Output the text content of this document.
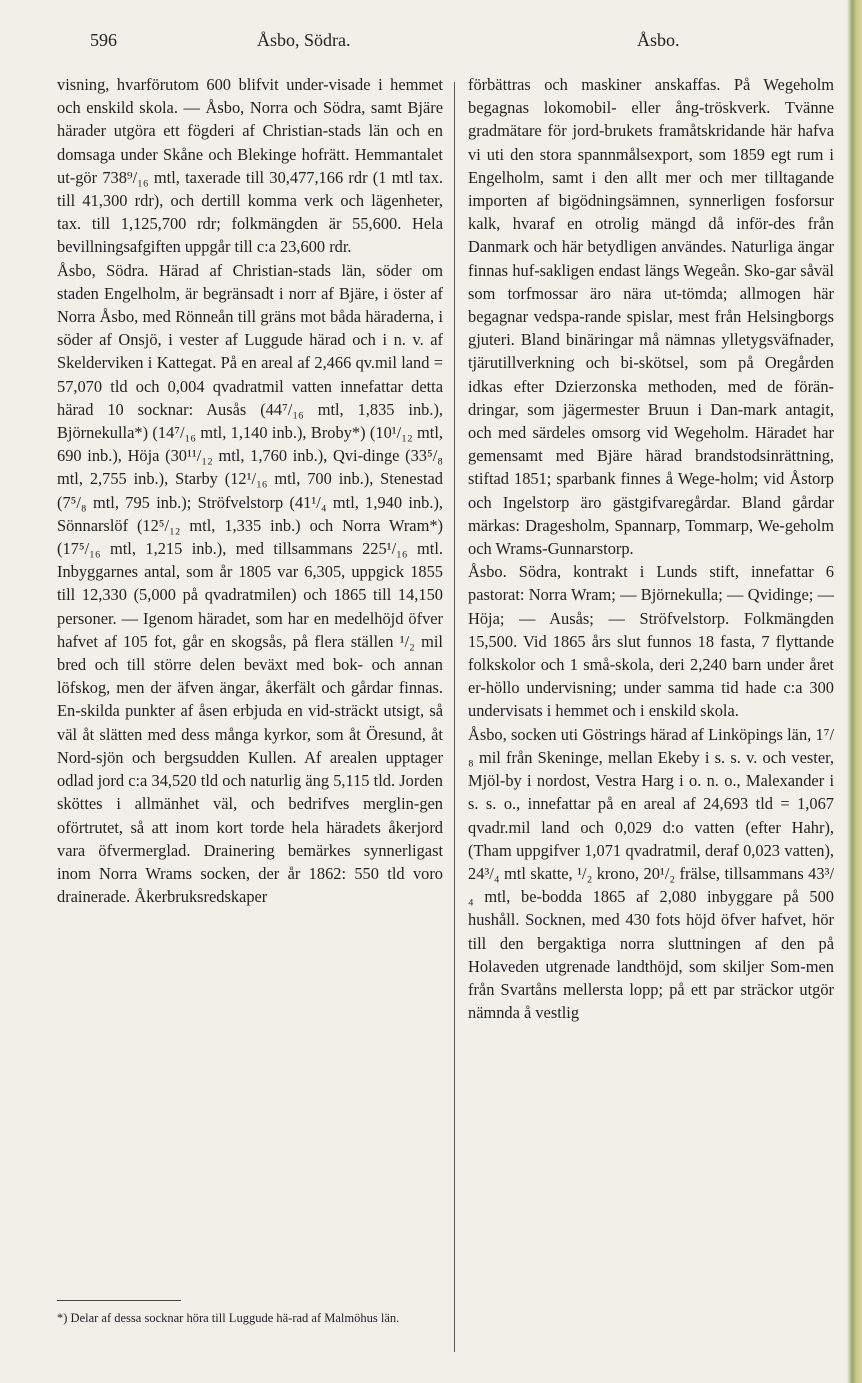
596	Åsbo, Södra.	Åsbo.

visning, hvarförutom 600 blifvit under-visade i hemmet och enskild skola. — Åsbo, Norra och Södra, samt Bjäre härader utgöra ett fögderi af Christian-stads län och en domsaga under Skåne och Blekinge hofrätt. Hemmantalet ut-gör 738⁹/₁₆ mtl, taxerade till 30,477,166 rdr (1 mtl tax. till 41,300 rdr), och dertill komma verk och lägenheter, tax. till 1,125,700 rdr; folkmängden är 55,600. Hela bevillningsafgiften uppgår till c:a 23,600 rdr.

Åsbo, Södra. Härad af Christian-stads län, söder om staden Engelholm, är begränsadt i norr af Bjäre, i öster af Norra Åsbo, med Rönneån till gräns mot båda häraderna, i söder af Onsjö, i vester af Luggude härad och i n. v. af Skelderviken i Kattegat. På en areal af 2,466 qv.mil land = 57,070 tld och 0,004 qvadratmil vatten innefattar detta härad 10 socknar: Ausås (44⁷/₁₆ mtl, 1,835 inb.), Björnekulla*) (14⁷/₁₆ mtl, 1,140 inb.), Broby*) (10¹/₁₂ mtl, 690 inb.), Höja (30¹¹/₁₂ mtl, 1,760 inb.), Qvi-dinge (33⁵/₈ mtl, 2,755 inb.), Starby (12¹/₁₆ mtl, 700 inb.), Stenestad (7⁵/₈ mtl, 795 inb.); Ströfvelstorp (41¹/₄ mtl, 1,940 inb.), Sönnarslöf (12⁵/₁₂ mtl, 1,335 inb.) och Norra Wram*) (17⁵/₁₆ mtl, 1,215 inb.), med tillsammans 225¹/₁₆ mtl. Inbyggarnes antal, som år 1805 var 6,305, uppgick 1855 till 12,330 (5,000 på qvadratmilen) och 1865 till 14,150 personer. — Igenom häradet, som har en medelhöjd öfver hafvet af 105 fot, går en skogsås, på flera ställen ¹/₂ mil bred och till större delen beväxt med bok- och annan löfskog, men der äfven ängar, åkerfält och gårdar finnas. En-skilda punkter af åsen erbjuda en vid-sträckt utsigt, så väl åt slätten med dess många kyrkor, som åt Öresund, åt Nord-sjön och bergsudden Kullen. Af arealen upptager odlad jord c:a 34,520 tld och naturlig äng 5,115 tld. Jorden sköttes i allmänhet väl, och bedrifves merglin-gen oförtrutet, så att inom kort torde hela häradets åkerjord vara öfvermerglad. Drainering bemärkes synnerligast inom Norra Wrams socken, der år 1862: 550 tld voro drainerade. Åkerbruksredskaper

förbättras och maskiner anskaffas. På Wegeholm begagnas lokomobil- eller ång-tröskverk. Tvänne gradmätare för jord-brukets framåtskridande här hafva vi uti den stora spannmålsexport, som 1859 egt rum i Engelholm, samt i den allt mer och mer tilltagande importen af bigödningsämnen, synnerligen fosforsur kalk, hvaraf en otrolig mängd då inför-des från Danmark och här betydligen användes. Naturliga ängar finnas huf-sakligen endast längs Wegeån. Sko-gar såväl som torfmossar äro nära ut-tömda; allmogen här begagnar vedspa-rande spislar, mest från Helsingborgs gjuteri. Bland binäringar må nämnas ylletygsväfnader, tjärutillverkning och bi-skötsel, som på Oregården idkas efter Dzierzonska methoden, med de förän-dringar, som jägermester Bruun i Dan-mark antagit, och med särdeles omsorg vid Wegeholm. Häradet har gemensamt med Bjäre härad brandstodsinrättning, stiftad 1851; sparbank finnes å Wege-holm; vid Åstorp och Ingelstorp äro gästgifvaregårdar. Bland gårdar märkas: Dragesholm, Spannarp, Tommarp, We-geholm och Wrams-Gunnarstorp.

Åsbo. Södra, kontrakt i Lunds stift, innefattar 6 pastorat: Norra Wram; — Björnekulla; — Qvidinge; — Höja; — Ausås; — Ströfvelstorp. Folkmängden 15,500. Vid 1865 års slut funnos 18 fasta, 7 flyttande folkskolor och 1 små-skola, deri 2,240 barn under året er-höllo undervisning; under samma tid hade c:a 300 undervisats i hemmet och i enskild skola.

Åsbo, socken uti Göstrings härad af Linköpings län, 1⁷/₈ mil från Skeninge, mellan Ekeby i s. s. v. och vester, Mjöl-by i nordost, Vestra Harg i o. n. o., Malexander i s. s. o., innefattar på en areal af 24,693 tld = 1,067 qvadr.mil land och 0,029 d:o vatten (efter Hahr), (Tham uppgifver 1,071 qvadratmil, deraf 0,023 vatten), 24³/₄ mtl skatte, ¹/₂ krono, 20¹/₂ frälse, tillsammans 43³/₄ mtl, be-bodda 1865 af 2,080 inbyggare på 500 hushåll. Socknen, med 430 fots höjd öfver hafvet, hör till den bergaktiga norra sluttningen af den på Holaveden utgrenade landthöjd, som skiljer Som-men från Svartåns mellersta lopp; på ett par sträckor utgör nämnda å vestlig

*) Delar af dessa socknar höra till Luggude hä-rad af Malmöhus län.
